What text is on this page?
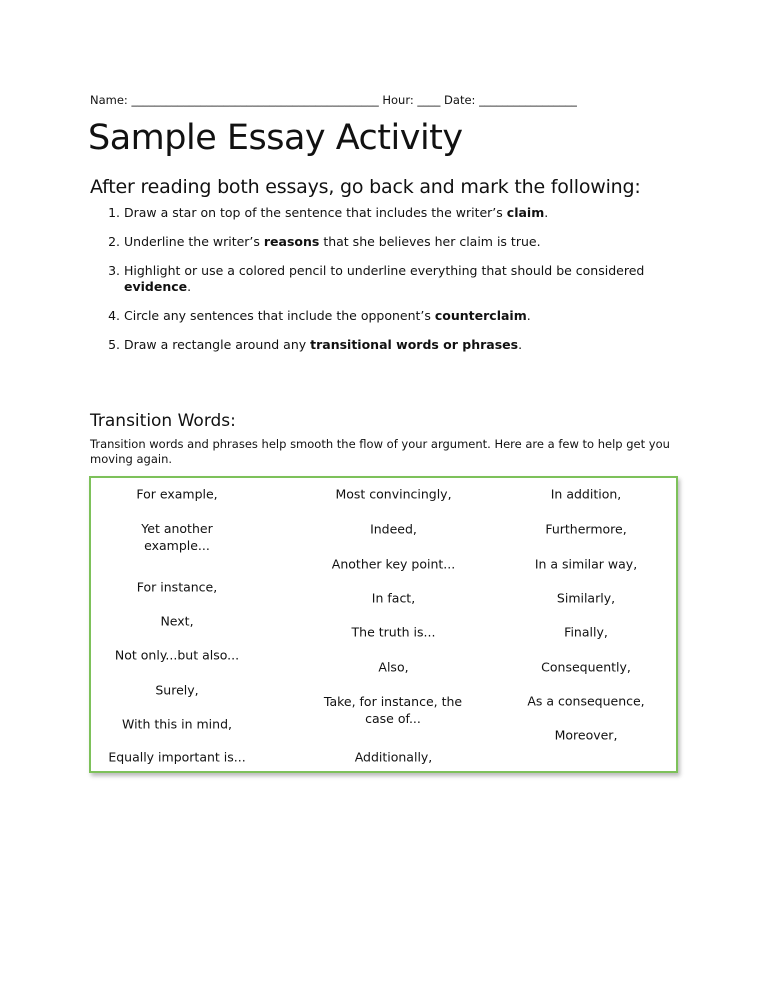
Name: ___________________________________________ Hour: ____ Date: _________________
Sample Essay Activity
After reading both essays, go back and mark the following:
1. Draw a star on top of the sentence that includes the writer’s claim.
2. Underline the writer’s reasons that she believes her claim is true.
3. Highlight or use a colored pencil to underline everything that should be considered evidence.
4. Circle any sentences that include the opponent’s counterclaim.
5. Draw a rectangle around any transitional words or phrases.
Transition Words:

Transition words and phrases help smooth the flow of your argument. Here are a few to help get you moving again.

For example,
Yet another example...
For instance,
Next,
Not only...but also...
Surely,
With this in mind,
Equally important is...
Most convincingly,
Indeed,
Another key point...
In fact,
The truth is...
Also,
Take, for instance, the case of...
Additionally,
In addition,
Furthermore,
In a similar way,
Similarly,
Finally,
Consequently,
As a consequence,
Moreover,
